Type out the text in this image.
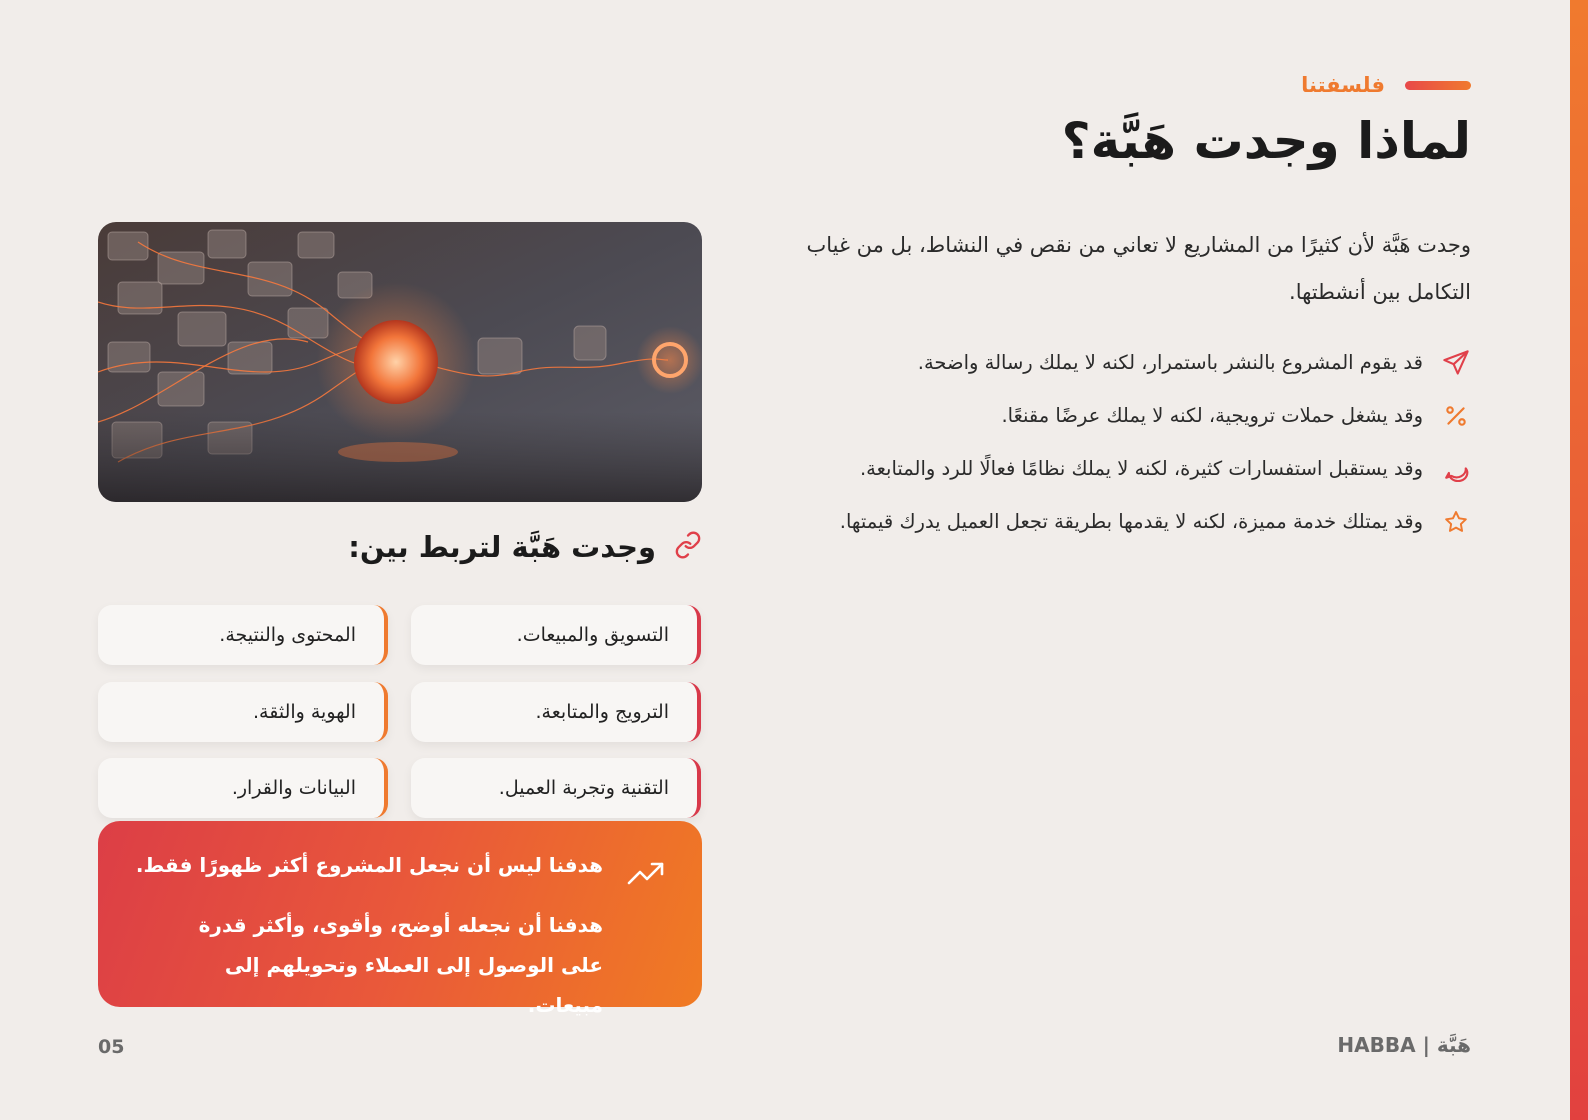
فلسفتنا
لماذا وجدت هَبَّة؟

وجدت هَبَّة لأن كثيرًا من المشاريع لا تعاني من نقص في النشاط، بل من غياب التكامل بين أنشطتها.

قد يقوم المشروع بالنشر باستمرار، لكنه لا يملك رسالة واضحة.
وقد يشغل حملات ترويجية، لكنه لا يملك عرضًا مقنعًا.
وقد يستقبل استفسارات كثيرة، لكنه لا يملك نظامًا فعالًا للرد والمتابعة.
وقد يمتلك خدمة مميزة، لكنه لا يقدمها بطريقة تجعل العميل يدرك قيمتها.
وجدت هَبَّة لتربط بين:
التسويق والمبيعات.
المحتوى والنتيجة.
الترويج والمتابعة.
الهوية والثقة.
التقنية وتجربة العميل.
البيانات والقرار.

هدفنا ليس أن نجعل المشروع أكثر ظهورًا فقط.

هدفنا أن نجعله أوضح، وأقوى، وأكثر قدرة على الوصول إلى العملاء وتحويلهم إلى مبيعات.

05	هَبَّة | HABBA
